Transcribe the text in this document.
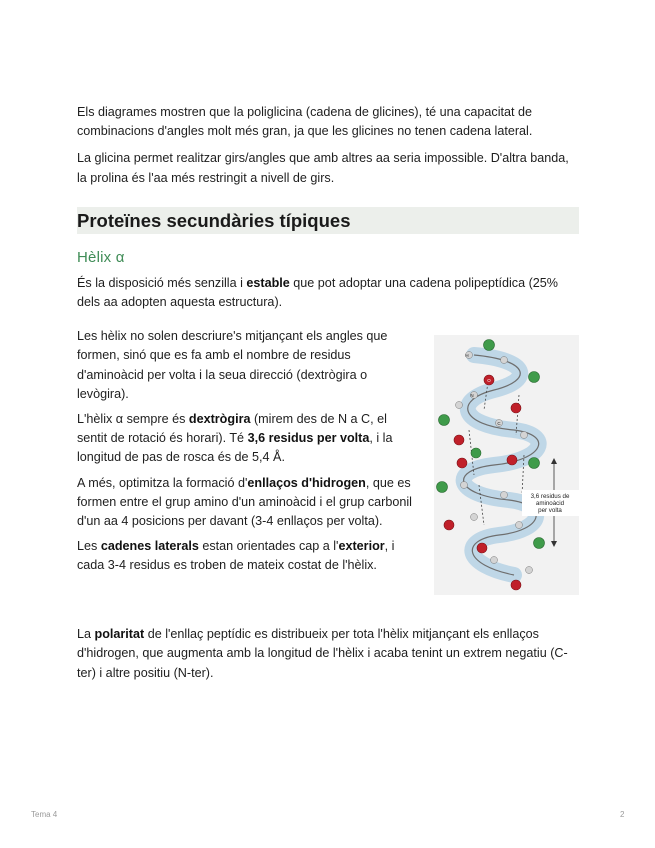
Els diagrames mostren que la poliglicina (cadena de glicines), té una capacitat de combinacions d'angles molt més gran, ja que les glicines no tenen cadena lateral.

La glicina permet realitzar girs/angles que amb altres aa seria impossible. D'altra banda, la prolina és l'aa més restringit a nivell de girs.

Proteïnes secundàries típiques
Hèlix α

És la disposició més senzilla i estable que pot adoptar una cadena polipeptídica (25% dels aa adopten aquesta estructura).

Les hèlix no solen descriure's mitjançant els angles que formen, sinó que es fa amb el nombre de residus d'aminoàcid per volta i la seua direcció (dextrògira o levògira).

L'hèlix α sempre és dextrògira (mirem des de N a C, el sentit de rotació és horari). Té 3,6 residus per volta, i la longitud de pas de rosca és de 5,4 Å.

A més, optimitza la formació d'enllaços d'hidrogen, que es formen entre el grup amino d'un aminoàcid i el grup carbonil d'un aa 4 posicions per davant (3-4 enllaços per volta).

Les cadenes laterals estan orientades cap a l'exterior, i cada 3-4 residus es troben de mateix costat de l'hèlix.

3,6 residus de
aminoàcid
per volta
H
N
C
O

La polaritat de l'enllaç peptídic es distribueix per tota l'hèlix mitjançant els enllaços d'hidrogen, que augmenta amb la longitud de l'hèlix i acaba tenint un extrem negatiu (C-ter) i altre positiu (N-ter).

Tema 4	2
